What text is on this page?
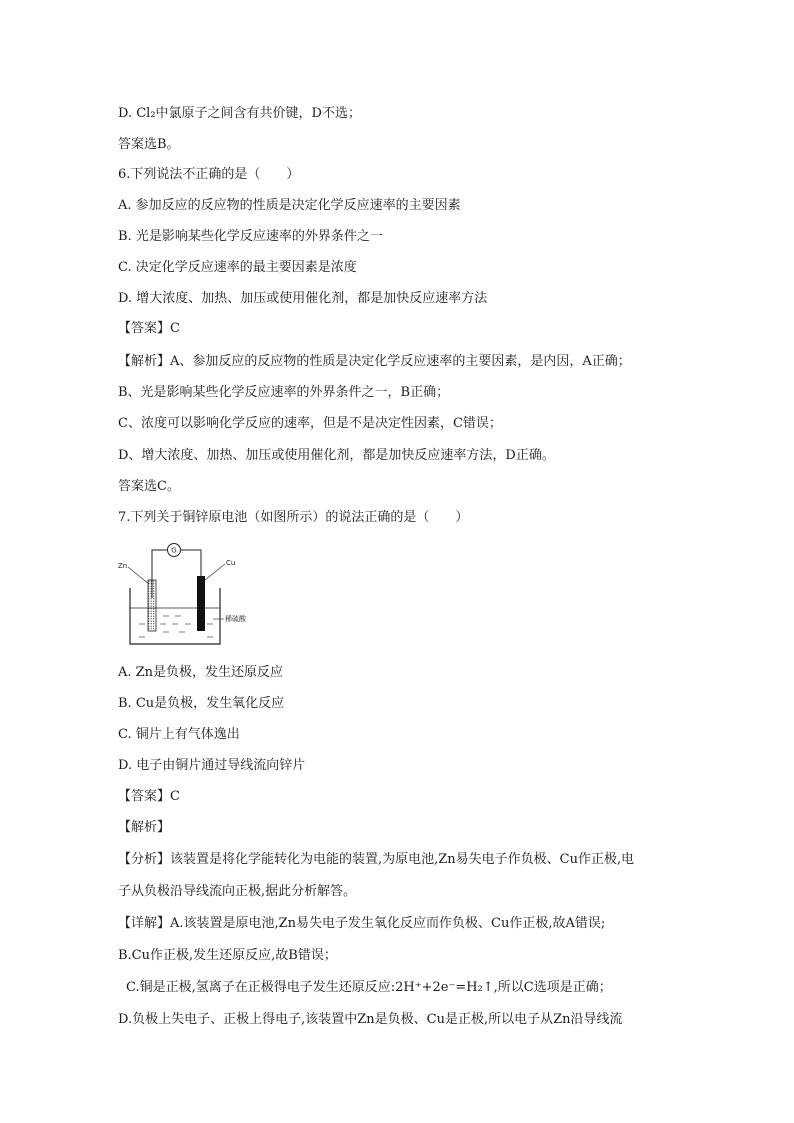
D. Cl₂中氯原子之间含有共价键，D不选；
答案选B。
6.下列说法不正确的是（　　）
A. 参加反应的反应物的性质是决定化学反应速率的主要因素
B. 光是影响某些化学反应速率的外界条件之一
C. 决定化学反应速率的最主要因素是浓度
D. 增大浓度、加热、加压或使用催化剂，都是加快反应速率方法
【答案】C
【解析】A、参加反应的反应物的性质是决定化学反应速率的主要因素，是内因，A正确；
B、光是影响某些化学反应速率的外界条件之一，B正确；
C、浓度可以影响化学反应的速率，但是不是决定性因素，C错误；
D、增大浓度、加热、加压或使用催化剂，都是加快反应速率方法，D正确。
答案选C。
7.下列关于铜锌原电池（如图所示）的说法正确的是（　　）
G
Zn	Cu
稀硫酸
A. Zn是负极，发生还原反应
B. Cu是负极，发生氧化反应
C. 铜片上有气体逸出
D. 电子由铜片通过导线流向锌片
【答案】C
【解析】
【分析】该装置是将化学能转化为电能的装置,为原电池,Zn易失电子作负极、Cu作正极,电
子从负极沿导线流向正极,据此分析解答。
【详解】A.该装置是原电池,Zn易失电子发生氧化反应而作负极、Cu作正极,故A错误;
B.Cu作正极,发生还原反应,故B错误；
C.铜是正极,氢离子在正极得电子发生还原反应:2H⁺+2e⁻=H₂↑,所以C选项是正确；
D.负极上失电子、正极上得电子,该装置中Zn是负极、Cu是正极,所以电子从Zn沿导线流
